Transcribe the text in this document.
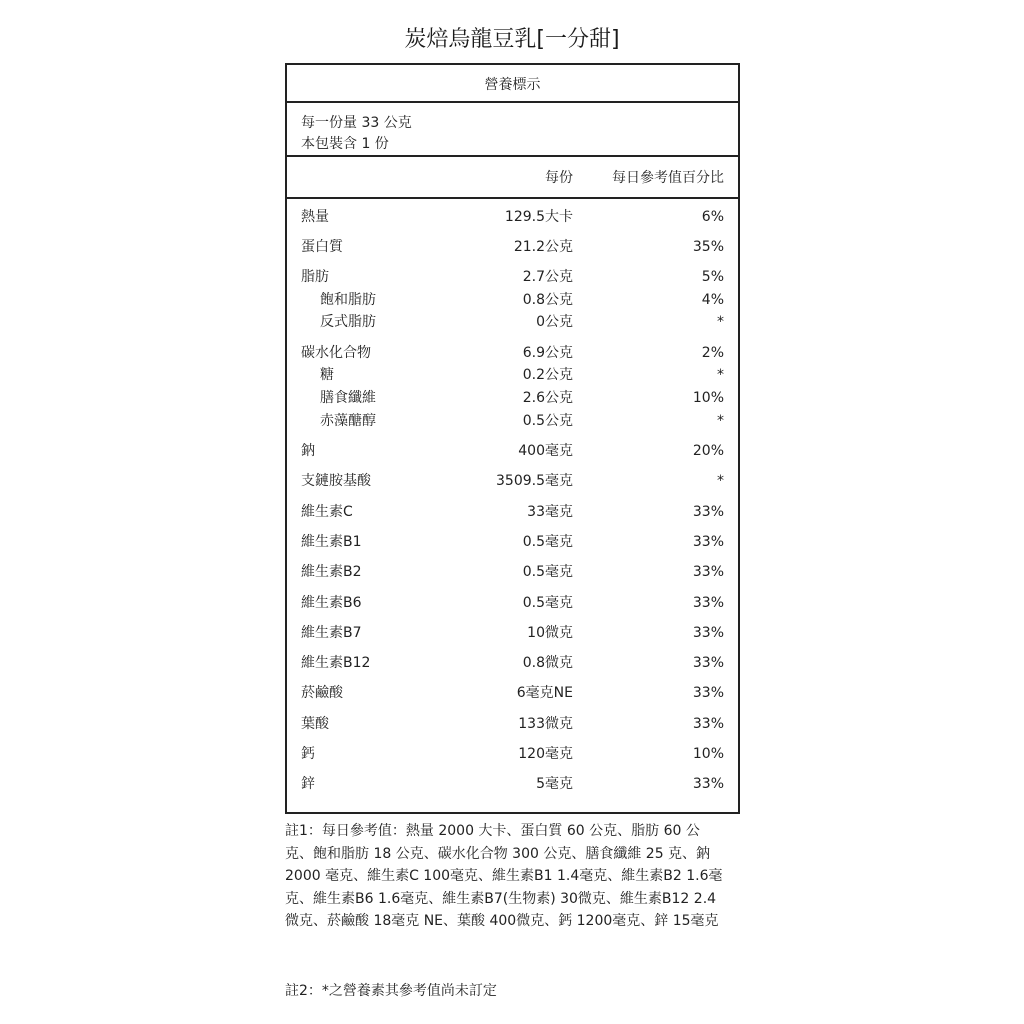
炭焙烏龍豆乳[一分甜]
營養標示
每一份量 33 公克
本包裝含 1 份
每份	每日參考值百分比
熱量	129.5大卡	6%
蛋白質	21.2公克	35%
脂肪	2.7公克	5%
飽和脂肪	0.8公克	4%
反式脂肪	0公克	*
碳水化合物	6.9公克	2%
糖	0.2公克	*
膳食纖維	2.6公克	10%
赤藻醣醇	0.5公克	*
鈉	400毫克	20%
支鏈胺基酸	3509.5毫克	*
維生素C	33毫克	33%
維生素B1	0.5毫克	33%
維生素B2	0.5毫克	33%
維生素B6	0.5毫克	33%
維生素B7	10微克	33%
維生素B12	0.8微克	33%
菸鹼酸	6毫克NE	33%
葉酸	133微克	33%
鈣	120毫克	10%
鋅	5毫克	33%
註1：每日參考值：熱量 2000 大卡、蛋白質 60 公克、脂肪 60 公克、飽和脂肪 18 公克、碳水化合物 300 公克、膳食纖維 25 克、鈉 2000 毫克、維生素C 100毫克、維生素B1 1.4毫克、維生素B2 1.6毫克、維生素B6 1.6毫克、維生素B7(生物素) 30微克、維生素B12 2.4微克、菸鹼酸 18毫克 NE、葉酸 400微克、鈣 1200毫克、鋅 15毫克
註2：*之營養素其參考值尚未訂定
